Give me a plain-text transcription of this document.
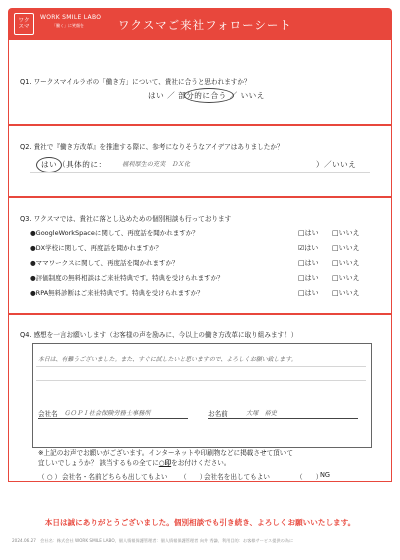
ワク
スマ
WORK SMILE LABO
「働く」に笑顔を	ワクスマご来社フォローシート
Q1. ワークスマイルラボの「働き方」について、貴社に合うと思われますか？
はい ／ 部分的に合う ／ いいえ
Q2. 貴社で『働き方改革』を推進する際に、参考になりそうなアイデアはありましたか？
はい （具体的に： 福利厚生の充実　ＤＸ化	） ／いいえ
Q3. ワクスマでは、貴社に落とし込めための個別相談も行っております
●GoogleWorkSpaceに関して、再度話を聞かれますか？	□はい □いいえ
●DX学校に関して、再度話を聞かれますか？	☑はい □いいえ
●ママワークスに関して、再度話を聞かれますか？	□はい □いいえ
●評価制度の無料相談はご来社特典です。特典を受けられますか？	□はい □いいえ
●RPA無料診断はご来社特典です。特典を受けられますか？	□はい □いいえ
Q4. 感想を一言お願いします（お客様の声を励みに、今以上の働き方改革に取り組みます！）
本日は、有難うございました。また、すぐに試したいと思いますので、よろしくお願い致します。
会社名 ＧＯＰＩ社会保険労務士事務所	お名前	大塚　裕史
※上記のお声でお願いがございます。インターネットや印刷物などに掲載させて頂いて
宜しいでしょうか？ 該当するもの全てに○印をお付けください。
（ ○ ） 会社名・名前どちらも出してもよい （　　）
会社名を出してもよい	（　　）
NG
本日は誠にありがとうございました。個別相談でも引き続き、よろしくお願いいたします。
2024.06.27　会社名：株式会社 WORK SMILE LABO、個人情報保護管理者：個人情報保護管理者 向井 秀謙、利用目的：お客様サービス提供の為に
